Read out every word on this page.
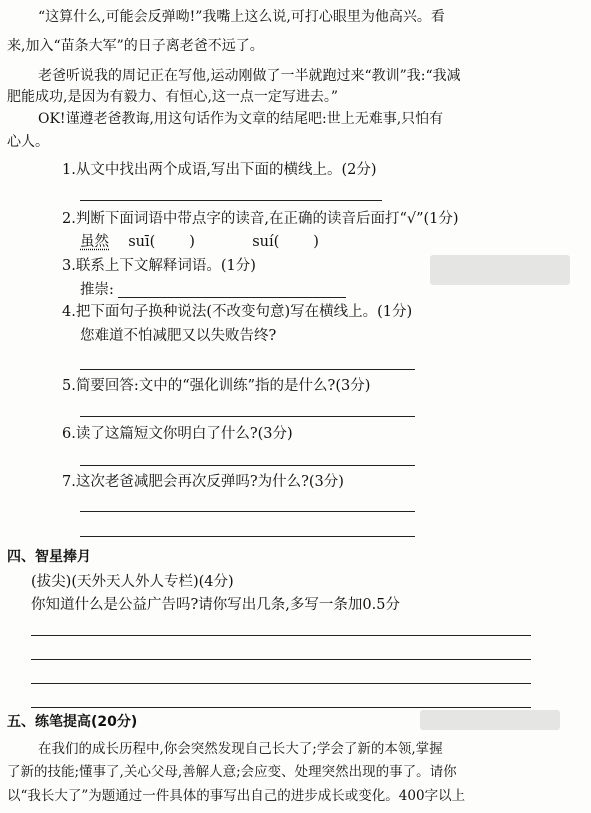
“这算什么,可能会反弹呦!”我嘴上这么说,可打心眼里为他高兴。看
来,加入“苗条大军”的日子离老爸不远了。
老爸听说我的周记正在写他,运动刚做了一半就跑过来“教训”我:“我减
肥能成功,是因为有毅力、有恒心,这一点一定写进去。”
OK!谨遵老爸教诲,用这句话作为文章的结尾吧:世上无难事,只怕有
心人。
1.从文中找出两个成语,写出下面的横线上。(2分)
2.判断下面词语中带点字的读音,在正确的读音后面打“√”(1分)
虽然 suī( )	suí( )
3.联系上下文解释词语。(1分)
推崇:
4.把下面句子换种说法(不改变句意)写在横线上。(1分)
您难道不怕减肥又以失败告终?
5.简要回答:文中的“强化训练”指的是什么?(3分)
6.读了这篇短文你明白了什么?(3分)
7.这次老爸减肥会再次反弹吗?为什么?(3分)
四、智星捧月
(拔尖)(天外天人外人专栏)(4分)
你知道什么是公益广告吗?请你写出几条,多写一条加0.5分
五、练笔提高(20分)
在我们的成长历程中,你会突然发现自己长大了;学会了新的本领,掌握
了新的技能;懂事了,关心父母,善解人意;会应变、处理突然出现的事了。请你
以“我长大了”为题通过一件具体的事写出自己的进步成长或变化。400字以上
